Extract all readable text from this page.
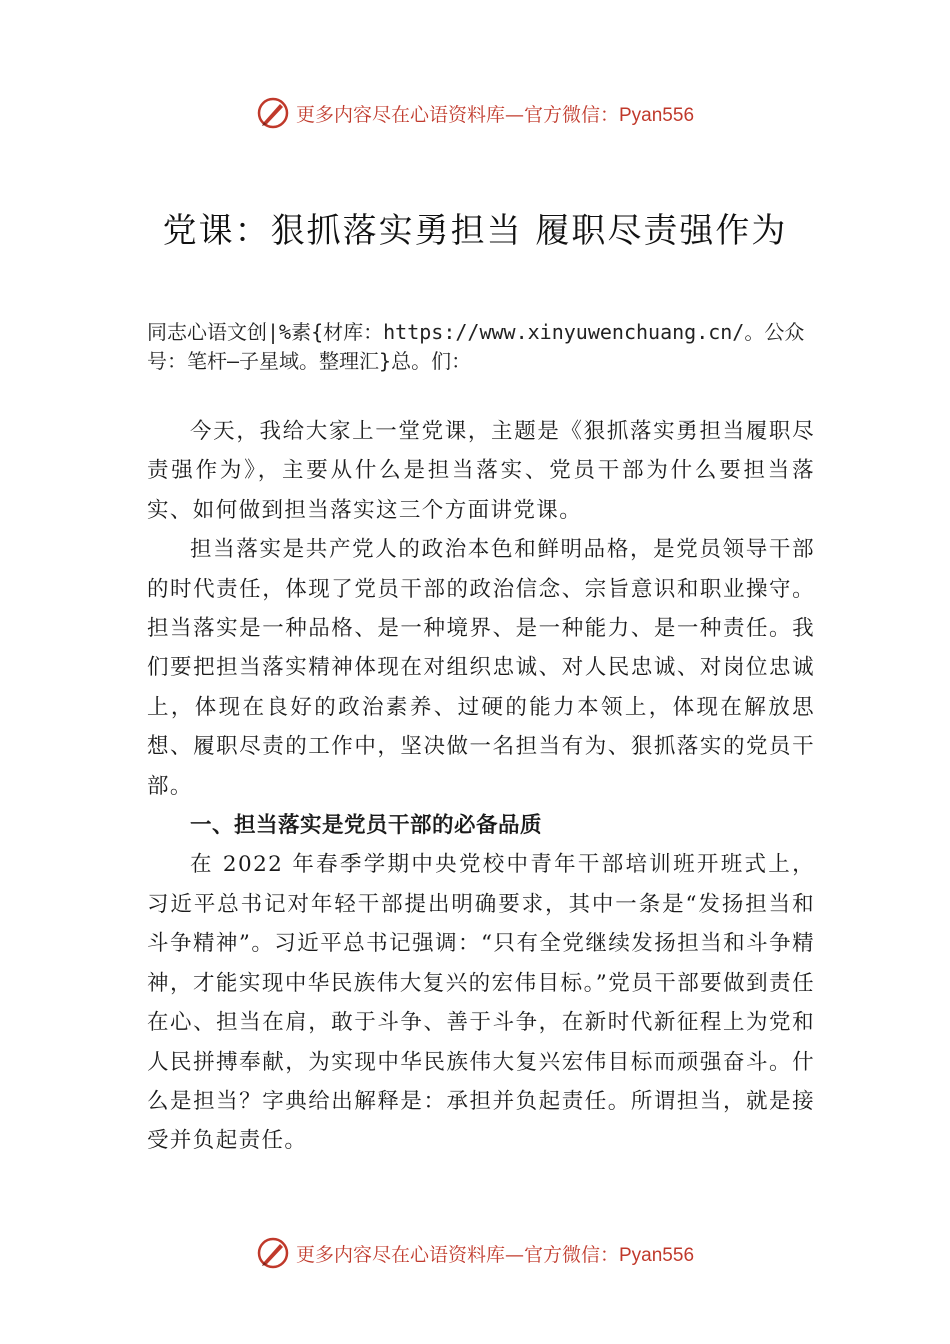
更多内容尽在心语资料库—官方微信：Pyan556
党课：狠抓落实勇担当 履职尽责强作为
同志心语文创|%素{材库：https://www.xinyuwenchuang.cn/。公众号：笔杆—子星域。整理汇}总。们：

今天，我给大家上一堂党课，主题是《狠抓落实勇担当履职尽责强作为》，主要从什么是担当落实、党员干部为什么要担当落实、如何做到担当落实这三个方面讲党课。

担当落实是共产党人的政治本色和鲜明品格，是党员领导干部的时代责任，体现了党员干部的政治信念、宗旨意识和职业操守。担当落实是一种品格、是一种境界、是一种能力、是一种责任。我们要把担当落实精神体现在对组织忠诚、对人民忠诚、对岗位忠诚上，体现在良好的政治素养、过硬的能力本领上，体现在解放思想、履职尽责的工作中，坚决做一名担当有为、狠抓落实的党员干部。

一、担当落实是党员干部的必备品质

在 2022 年春季学期中央党校中青年干部培训班开班式上，习近平总书记对年轻干部提出明确要求，其中一条是“发扬担当和斗争精神”。习近平总书记强调：“只有全党继续发扬担当和斗争精神，才能实现中华民族伟大复兴的宏伟目标。”党员干部要做到责任在心、担当在肩，敢于斗争、善于斗争，在新时代新征程上为党和人民拼搏奉献，为实现中华民族伟大复兴宏伟目标而顽强奋斗。什么是担当？字典给出解释是：承担并负起责任。所谓担当，就是接受并负起责任。

更多内容尽在心语资料库—官方微信：Pyan556
